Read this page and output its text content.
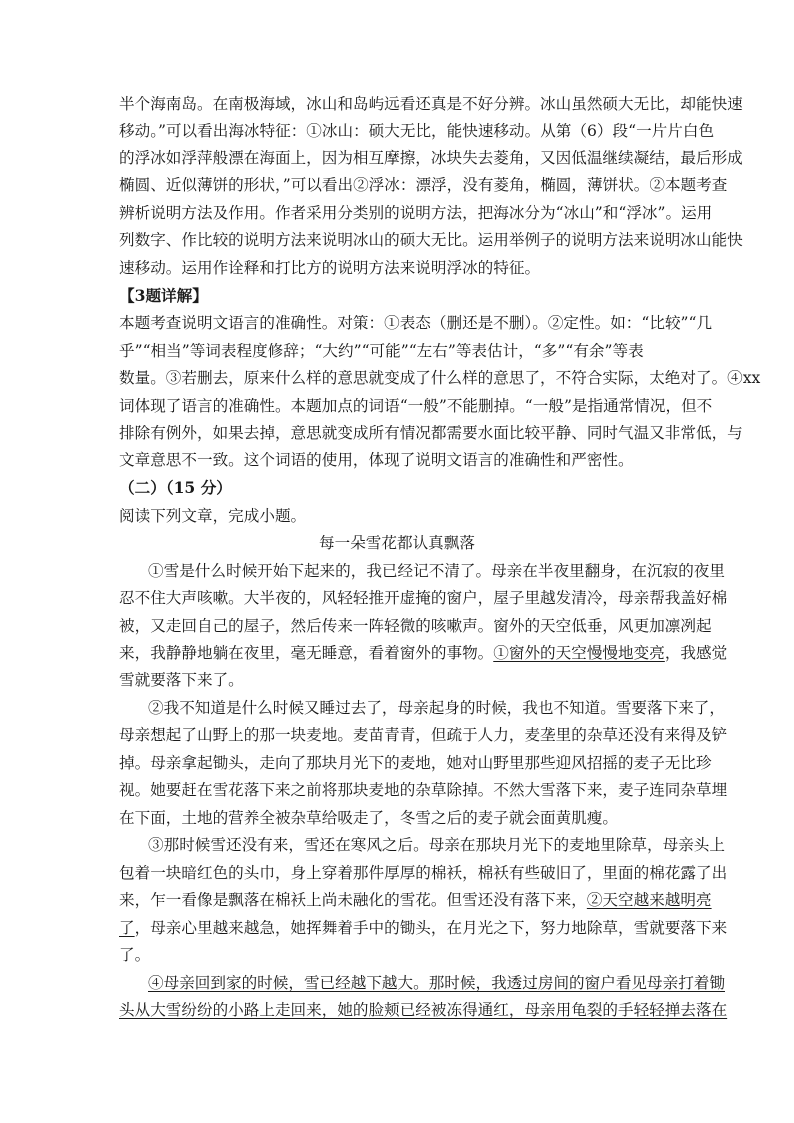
半个海南岛。在南极海域，冰山和岛屿远看还真是不好分辨。冰山虽然硕大无比，却能快速
移动。”可以看出海冰特征：①冰山：硕大无比，能快速移动。从第（6）段“一片片白色
的浮冰如浮萍般漂在海面上，因为相互摩擦，冰块失去菱角，又因低温继续凝结，最后形成
椭圆、近似薄饼的形状，”可以看出②浮冰：漂浮，没有菱角，椭圆，薄饼状。②本题考查
辨析说明方法及作用。作者采用分类别的说明方法，把海冰分为“冰山”和“浮冰”。运用
列数字、作比较的说明方法来说明冰山的硕大无比。运用举例子的说明方法来说明冰山能快
速移动。运用作诠释和打比方的说明方法来说明浮冰的特征。
【3题详解】
本题考查说明文语言的准确性。对策：①表态（删还是不删）。②定性。如：“比较”“几
乎”“相当”等词表程度修辞；“大约”“可能”“左右”等表估计，“多”“有余”等表
数量。③若删去，原来什么样的意思就变成了什么样的意思了，不符合实际，太绝对了。④xx
词体现了语言的准确性。本题加点的词语“一般”不能删掉。“一般”是指通常情况，但不
排除有例外，如果去掉，意思就变成所有情况都需要水面比较平静、同时气温又非常低，与
文章意思不一致。这个词语的使用，体现了说明文语言的准确性和严密性。
（二）（15 分）
阅读下列文章，完成小题。
每一朵雪花都认真飘落
①雪是什么时候开始下起来的，我已经记不清了。母亲在半夜里翻身，在沉寂的夜里
忍不住大声咳嗽。大半夜的，风轻轻推开虚掩的窗户，屋子里越发清冷，母亲帮我盖好棉
被，又走回自己的屋子，然后传来一阵轻微的咳嗽声。窗外的天空低垂，风更加凛冽起
来，我静静地躺在夜里，毫无睡意，看着窗外的事物。①窗外的天空慢慢地变亮，我感觉
雪就要落下来了。
②我不知道是什么时候又睡过去了，母亲起身的时候，我也不知道。雪要落下来了，
母亲想起了山野上的那一块麦地。麦苗青青，但疏于人力，麦垄里的杂草还没有来得及铲
掉。母亲拿起锄头，走向了那块月光下的麦地，她对山野里那些迎风招摇的麦子无比珍
视。她要赶在雪花落下来之前将那块麦地的杂草除掉。不然大雪落下来，麦子连同杂草埋
在下面，土地的营养全被杂草给吸走了，冬雪之后的麦子就会面黄肌瘦。
③那时候雪还没有来，雪还在寒风之后。母亲在那块月光下的麦地里除草，母亲头上
包着一块暗红色的头巾，身上穿着那件厚厚的棉袄，棉袄有些破旧了，里面的棉花露了出
来，乍一看像是飘落在棉袄上尚未融化的雪花。但雪还没有落下来，②天空越来越明亮
了，母亲心里越来越急，她挥舞着手中的锄头，在月光之下，努力地除草，雪就要落下来
了。
④母亲回到家的时候，雪已经越下越大。那时候，我透过房间的窗户看见母亲打着锄
头从大雪纷纷的小路上走回来，她的脸颊已经被冻得通红，母亲用龟裂的手轻轻掸去落在
